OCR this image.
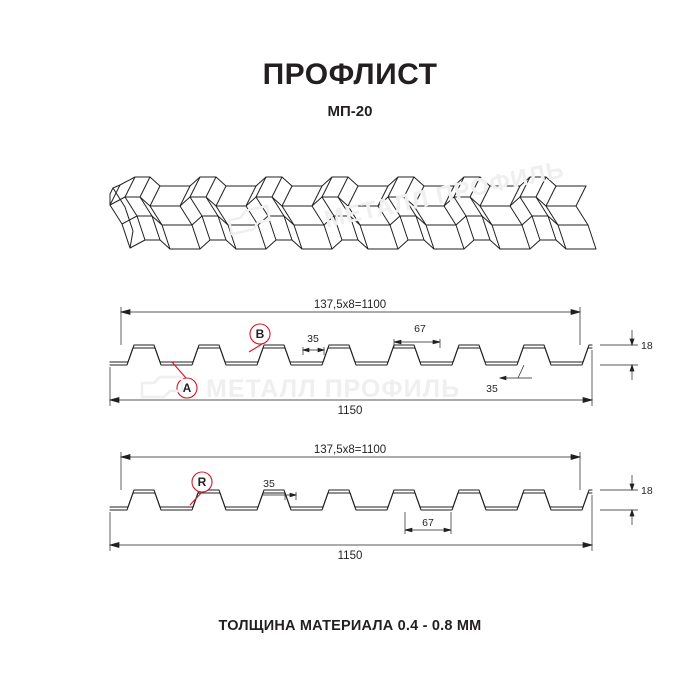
ПРОФЛИСТ
МП-20
137,5x8=1100
35
67
35
18
1150
A
B
137,5x8=1100
35
67
18
1150
R
МЕТАЛЛ ПРОФИЛЬ
МЕТАЛЛ ПРОФИЛЬ
ТОЛЩИНА МАТЕРИАЛА 0.4 - 0.8 ММ
